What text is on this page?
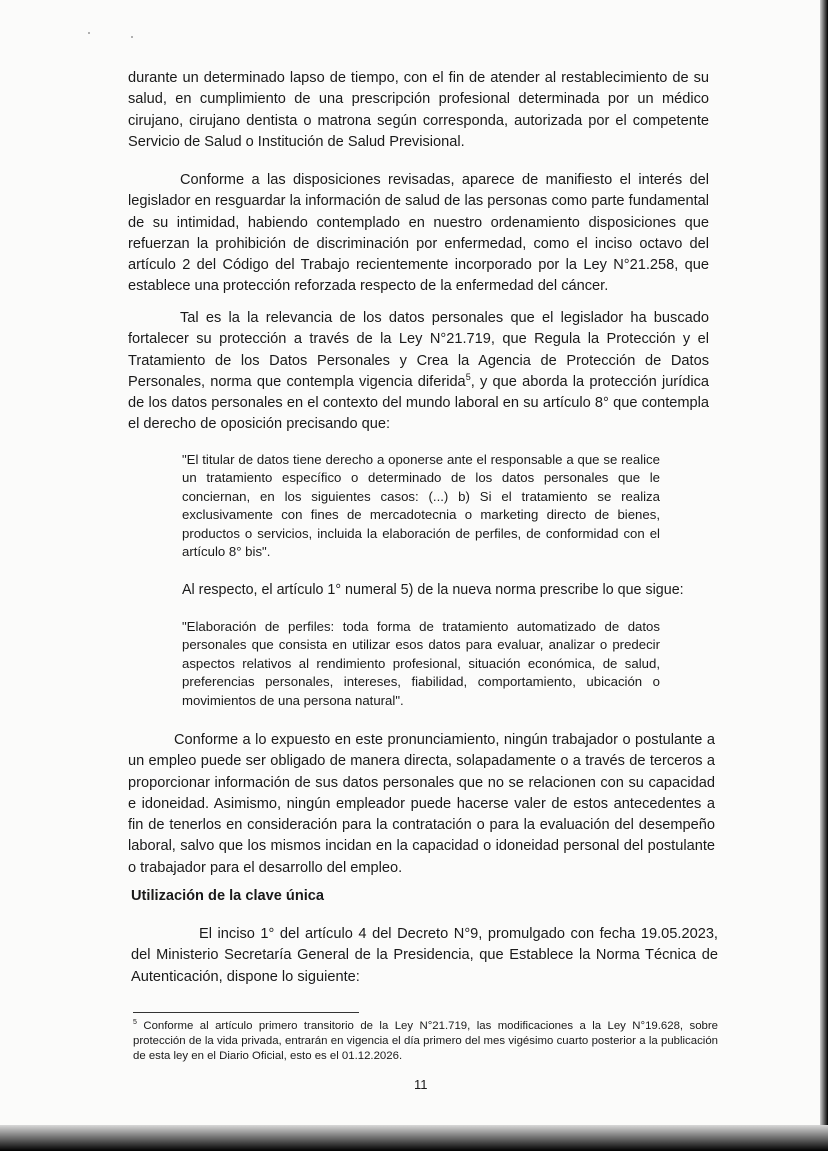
durante un determinado lapso de tiempo, con el fin de atender al restablecimiento de su salud, en cumplimiento de una prescripción profesional determinada por un médico cirujano, cirujano dentista o matrona según corresponda, autorizada por el competente Servicio de Salud o Institución de Salud Previsional.

Conforme a las disposiciones revisadas, aparece de manifiesto el interés del legislador en resguardar la información de salud de las personas como parte fundamental de su intimidad, habiendo contemplado en nuestro ordenamiento disposiciones que refuerzan la prohibición de discriminación por enfermedad, como el inciso octavo del artículo 2 del Código del Trabajo recientemente incorporado por la Ley N°21.258, que establece una protección reforzada respecto de la enfermedad del cáncer.

Tal es la la relevancia de los datos personales que el legislador ha buscado fortalecer su protección a través de la Ley N°21.719, que Regula la Protección y el Tratamiento de los Datos Personales y Crea la Agencia de Protección de Datos Personales, norma que contempla vigencia diferida$^5$, y que aborda la protección jurídica de los datos personales en el contexto del mundo laboral en su artículo 8° que contempla el derecho de oposición precisando que:

"El titular de datos tiene derecho a oponerse ante el responsable a que se realice un tratamiento específico o determinado de los datos personales que le conciernan, en los siguientes casos: (...) b) Si el tratamiento se realiza exclusivamente con fines de mercadotecnia o marketing directo de bienes, productos o servicios, incluida la elaboración de perfiles, de conformidad con el artículo 8° bis".

Al respecto, el artículo 1° numeral 5) de la nueva norma prescribe lo que sigue:

"Elaboración de perfiles: toda forma de tratamiento automatizado de datos personales que consista en utilizar esos datos para evaluar, analizar o predecir aspectos relativos al rendimiento profesional, situación económica, de salud, preferencias personales, intereses, fiabilidad, comportamiento, ubicación o movimientos de una persona natural".

Conforme a lo expuesto en este pronunciamiento, ningún trabajador o postulante a un empleo puede ser obligado de manera directa, solapadamente o a través de terceros a proporcionar información de sus datos personales que no se relacionen con su capacidad e idoneidad. Asimismo, ningún empleador puede hacerse valer de estos antecedentes a fin de tenerlos en consideración para la contratación o para la evaluación del desempeño laboral, salvo que los mismos incidan en la capacidad o idoneidad personal del postulante o trabajador para el desarrollo del empleo.

Utilización de la clave única

El inciso 1° del artículo 4 del Decreto N°9, promulgado con fecha 19.05.2023, del Ministerio Secretaría General de la Presidencia, que Establece la Norma Técnica de Autenticación, dispone lo siguiente:

$^5$ Conforme al artículo primero transitorio de la Ley N°21.719, las modificaciones a la Ley N°19.628, sobre protección de la vida privada, entrarán en vigencia el día primero del mes vigésimo cuarto posterior a la publicación de esta ley en el Diario Oficial, esto es el 01.12.2026.

11
